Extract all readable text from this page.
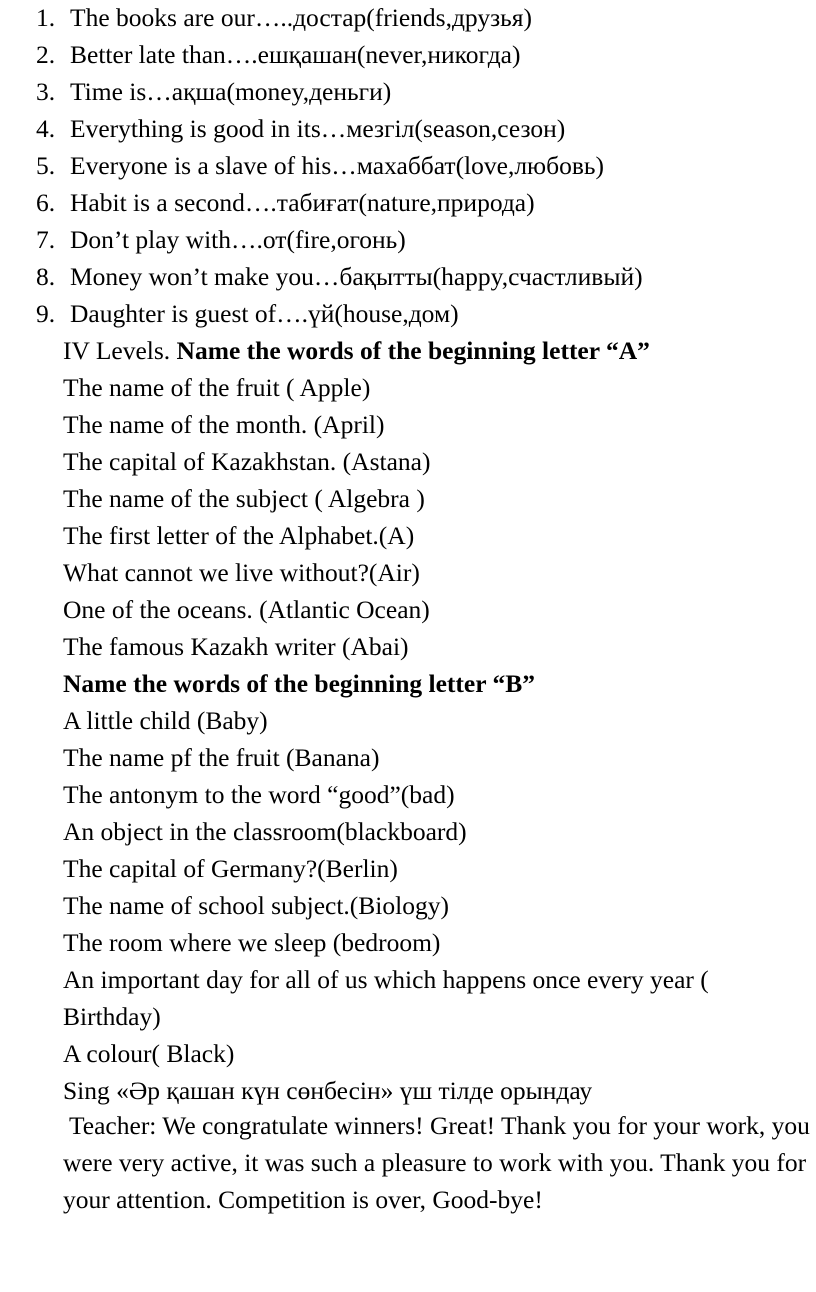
1. The books are our…..достар(friends,друзья)
2. Better late than….ешқашан(never,никогда)
3. Time is…ақша(money,деньги)
4. Everything is good in its…мезгіл(season,сезон)
5. Everyone is a slave of his…махаббат(love,любовь)
6. Habit is a second….табиғат(nature,природа)
7. Don’t play with….от(fire,огонь)
8. Money won’t make you…бақытты(happy,счастливый)
9. Daughter is guest of….үй(house,дом)
IV Levels. Name the words of the beginning letter “A”
The name of the fruit ( Apple)
The name of the month. (April)
The capital of Kazakhstan. (Astana)
The name of the subject ( Algebra )
The first letter of the Alphabet.(A)
What cannot we live without?(Air)
One of the oceans. (Atlantic Ocean)
The famous Kazakh writer (Abai)
Name the words of the beginning letter “B”
A little child (Baby)
The name pf the fruit (Banana)
The antonym to the word “good”(bad)
An object in the classroom(blackboard)
The capital of Germany?(Berlin)
The name of school subject.(Biology)
The room where we sleep (bedroom)
An important day for all of us which happens once every year (
Birthday)
A colour( Black)
Sing «Әр қашан күн сөнбесін» үш тілде орындау
Teacher: We congratulate winners! Great! Thank you for your work, you were very active, it was such a pleasure to work with you. Thank you for your attention. Competition is over, Good-bye!
